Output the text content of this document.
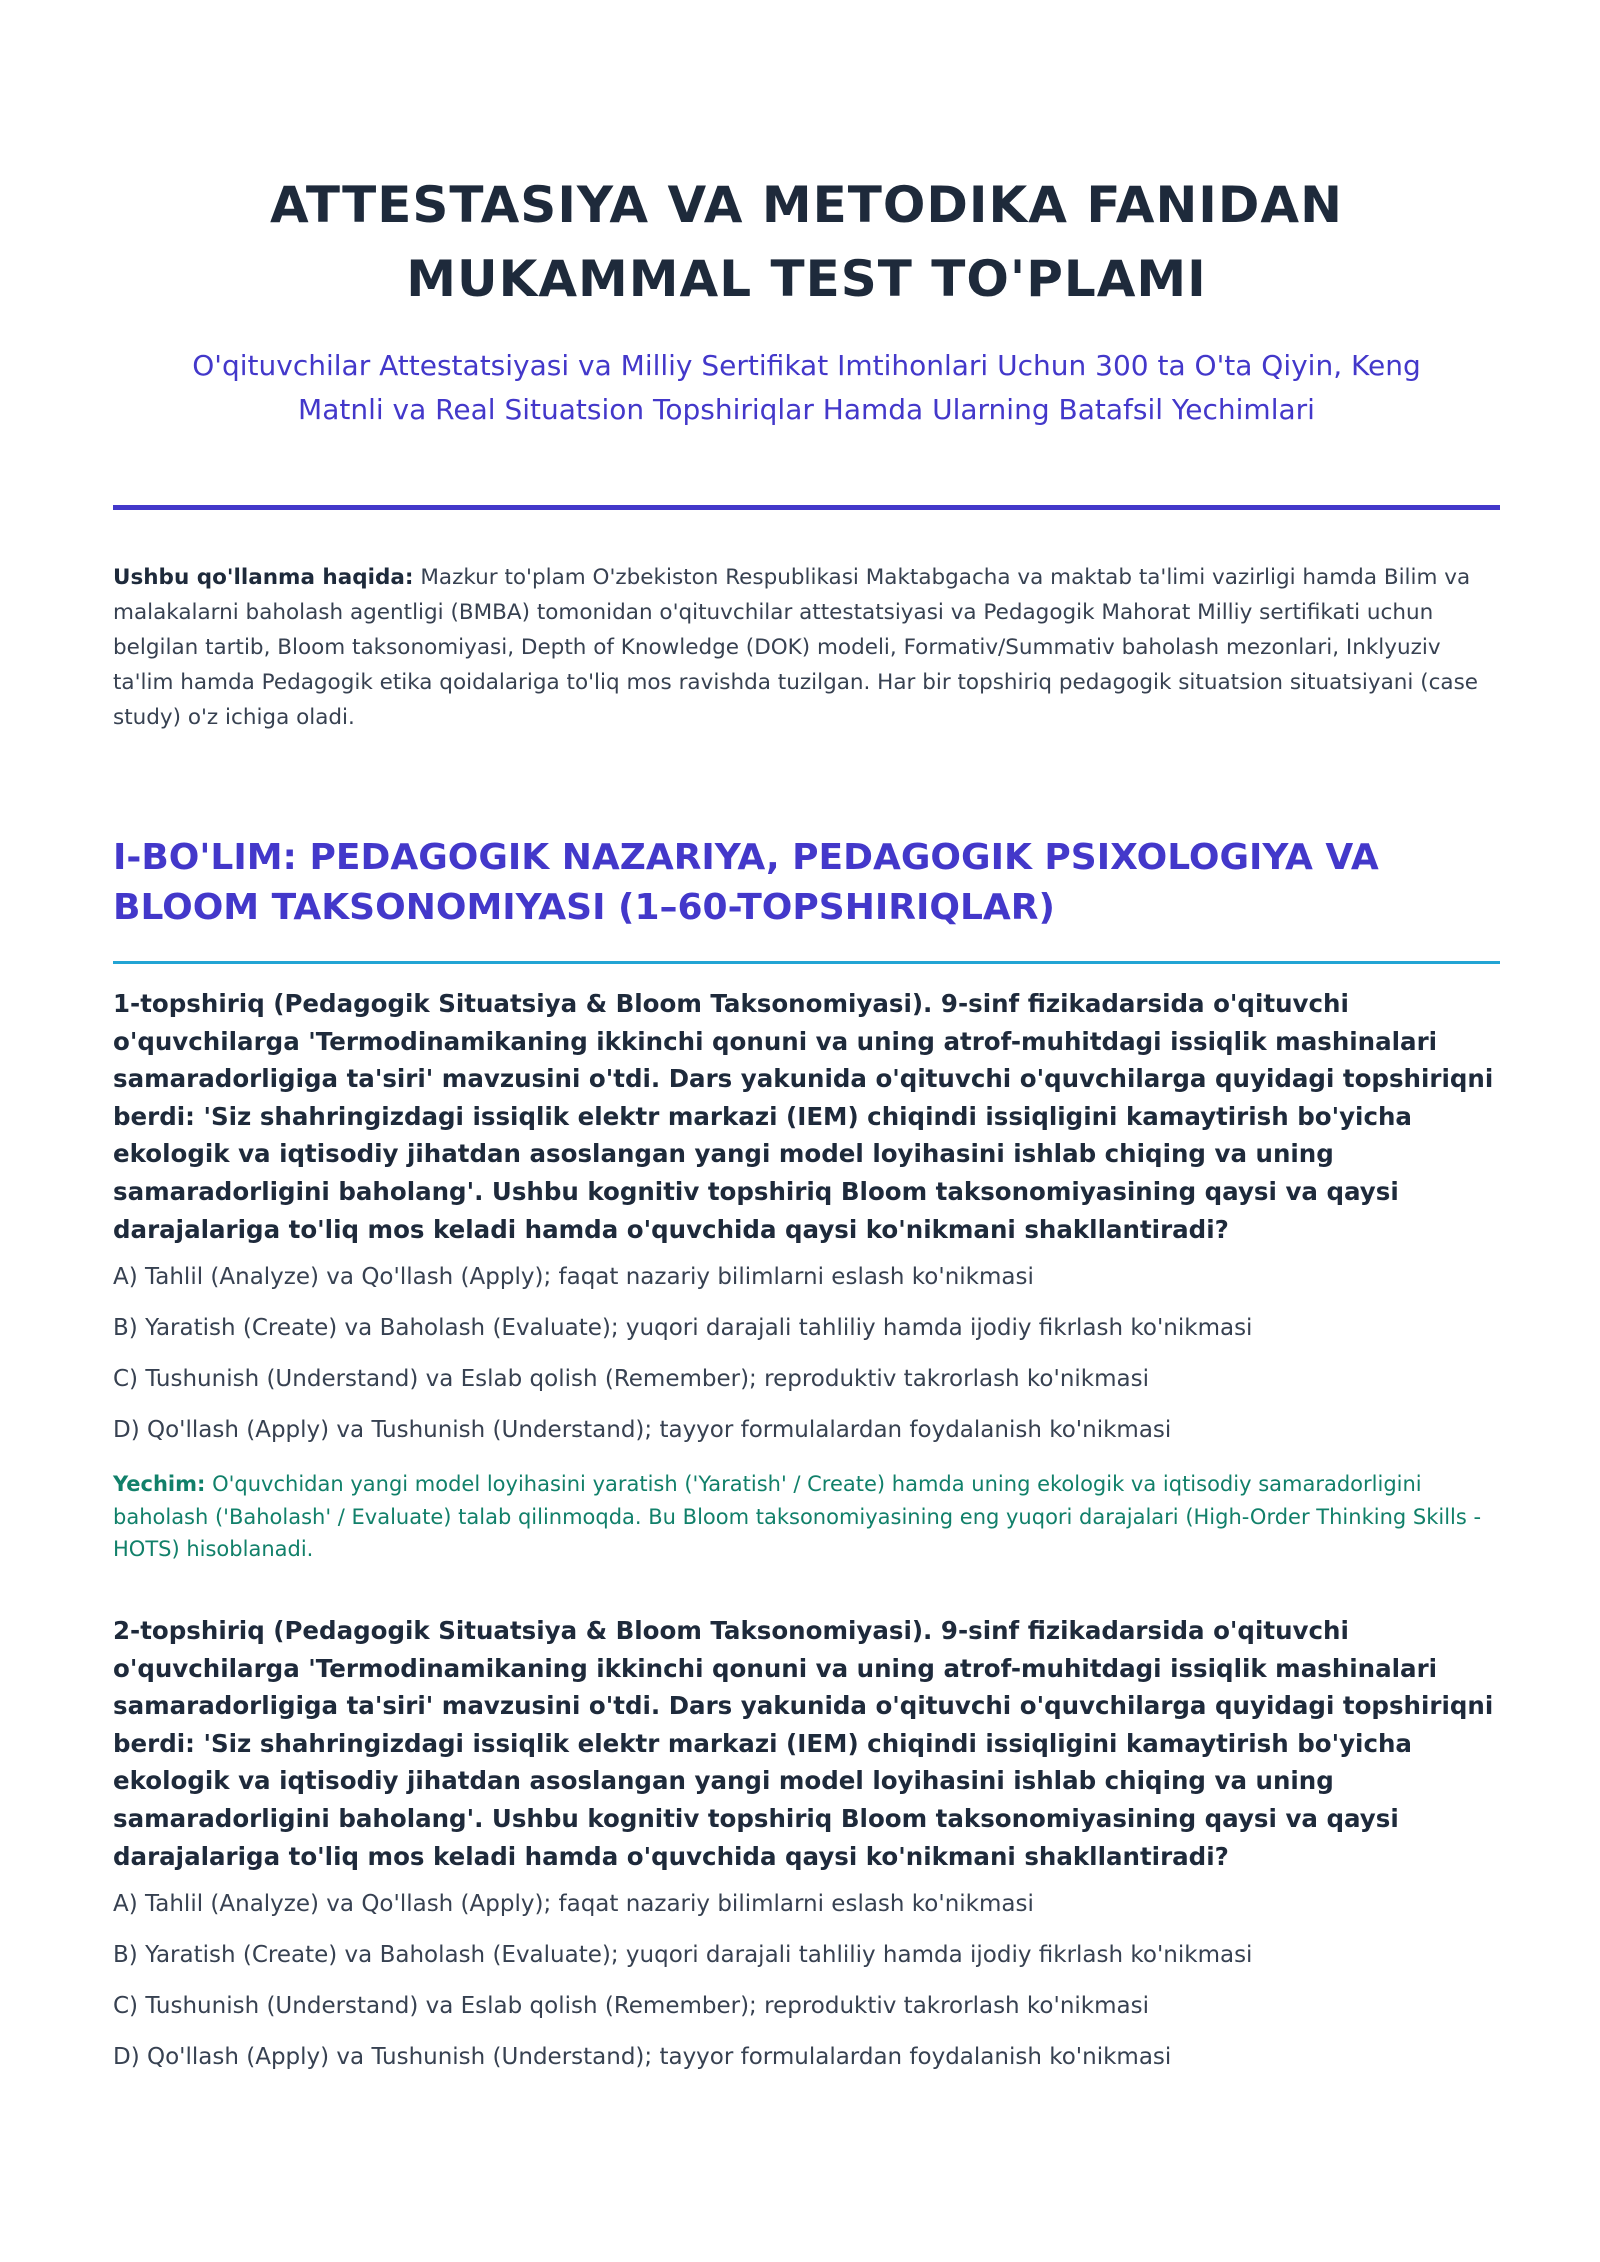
ATTESTASIYA VA METODIKA FANIDAN
MUKAMMAL TEST TO'PLAMI

O'qituvchilar Attestatsiyasi va Milliy Sertifikat Imtihonlari Uchun 300 ta O'ta Qiyin, Keng
Matnli va Real Situatsion Topshiriqlar Hamda Ularning Batafsil Yechimlari

Ushbu qo'llanma haqida: Mazkur to'plam O'zbekiston Respublikasi Maktabgacha va maktab ta'limi vazirligi hamda Bilim va malakalarni baholash agentligi (BMBA) tomonidan o'qituvchilar attestatsiyasi va Pedagogik Mahorat Milliy sertifikati uchun belgilan tartib, Bloom taksonomiyasi, Depth of Knowledge (DOK) modeli, Formativ/Summativ baholash mezonlari, Inklyuziv ta'lim hamda Pedagogik etika qoidalariga to'liq mos ravishda tuzilgan. Har bir topshiriq pedagogik situatsion situatsiyani (case study) o'z ichiga oladi.

I-BO'LIM: PEDAGOGIK NAZARIYA, PEDAGOGIK PSIXOLOGIYA VA BLOOM TAKSONOMIYASI (1–60-TOPSHIRIQLAR)

1-topshiriq (Pedagogik Situatsiya & Bloom Taksonomiyasi). 9-sinf fizikadarsida o'qituvchi o'quvchilarga 'Termodinamikaning ikkinchi qonuni va uning atrof-muhitdagi issiqlik mashinalari samaradorligiga ta'siri' mavzusini o'tdi. Dars yakunida o'qituvchi o'quvchilarga quyidagi topshiriqni berdi: 'Siz shahringizdagi issiqlik elektr markazi (IEM) chiqindi issiqligini kamaytirish bo'yicha ekologik va iqtisodiy jihatdan asoslangan yangi model loyihasini ishlab chiqing va uning samaradorligini baholang'. Ushbu kognitiv topshiriq Bloom taksonomiyasining qaysi va qaysi darajalariga to'liq mos keladi hamda o'quvchida qaysi ko'nikmani shakllantiradi?

A) Tahlil (Analyze) va Qo'llash (Apply); faqat nazariy bilimlarni eslash ko'nikmasi
B) Yaratish (Create) va Baholash (Evaluate); yuqori darajali tahliliy hamda ijodiy fikrlash ko'nikmasi
C) Tushunish (Understand) va Eslab qolish (Remember); reproduktiv takrorlash ko'nikmasi
D) Qo'llash (Apply) va Tushunish (Understand); tayyor formulalardan foydalanish ko'nikmasi

Yechim: O'quvchidan yangi model loyihasini yaratish ('Yaratish' / Create) hamda uning ekologik va iqtisodiy samaradorligini baholash ('Baholash' / Evaluate) talab qilinmoqda. Bu Bloom taksonomiyasining eng yuqori darajalari (High-Order Thinking Skills - HOTS) hisoblanadi.

2-topshiriq (Pedagogik Situatsiya & Bloom Taksonomiyasi). 9-sinf fizikadarsida o'qituvchi o'quvchilarga 'Termodinamikaning ikkinchi qonuni va uning atrof-muhitdagi issiqlik mashinalari samaradorligiga ta'siri' mavzusini o'tdi. Dars yakunida o'qituvchi o'quvchilarga quyidagi topshiriqni berdi: 'Siz shahringizdagi issiqlik elektr markazi (IEM) chiqindi issiqligini kamaytirish bo'yicha ekologik va iqtisodiy jihatdan asoslangan yangi model loyihasini ishlab chiqing va uning samaradorligini baholang'. Ushbu kognitiv topshiriq Bloom taksonomiyasining qaysi va qaysi darajalariga to'liq mos keladi hamda o'quvchida qaysi ko'nikmani shakllantiradi?

A) Tahlil (Analyze) va Qo'llash (Apply); faqat nazariy bilimlarni eslash ko'nikmasi
B) Yaratish (Create) va Baholash (Evaluate); yuqori darajali tahliliy hamda ijodiy fikrlash ko'nikmasi
C) Tushunish (Understand) va Eslab qolish (Remember); reproduktiv takrorlash ko'nikmasi
D) Qo'llash (Apply) va Tushunish (Understand); tayyor formulalardan foydalanish ko'nikmasi
